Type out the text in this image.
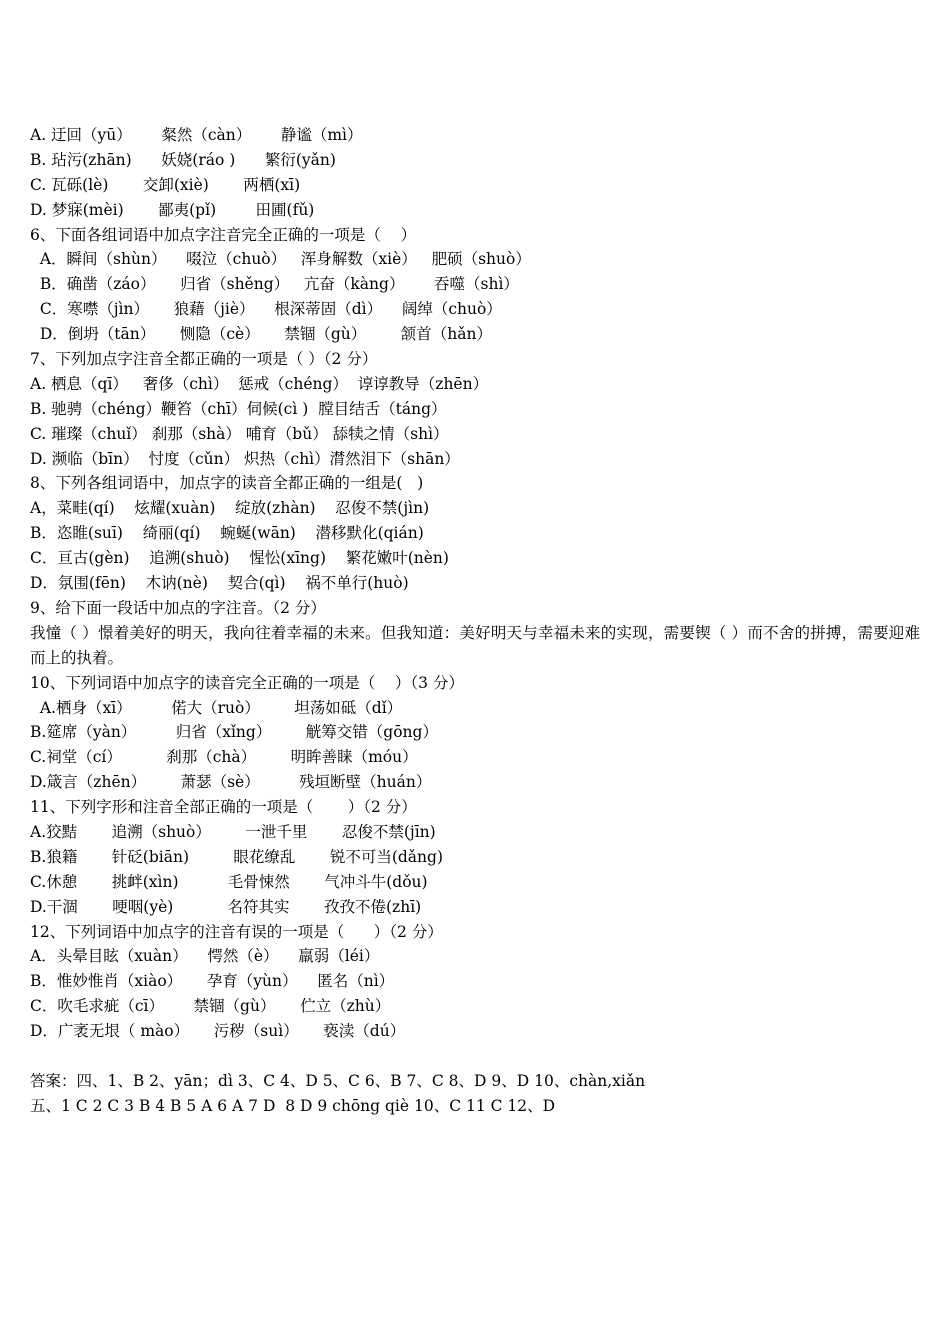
A. 迂回（yū）      粲然（càn）      静谧（mì）
B. 玷污(zhān)      妖娆(ráo )      繁衍(yǎn)
C. 瓦砾(lè)       交卸(xiè)       两栖(xī)
D. 梦寐(mèi)       鄙夷(pǐ)        田圃(fǔ)
6、下面各组词语中加点字注音完全正确的一项是（    ）
A．瞬间（shùn）    啜泣（chuò）   浑身解数（xiè）   肥硕（shuò）
B．确凿（záo）     归省（shěng）   亢奋（kàng）      吞噬（shì）
C．寒噤（jìn）     狼藉（jiè）    根深蒂固（dì）    阔绰（chuò）
D．倒坍（tān）     恻隐（cè）     禁锢（gù）       颔首（hǎn）
7、下列加点字注音全都正确的一项是（ ）（2 分）
A. 栖息（qī）   奢侈（chì）  惩戒（chéng）  谆谆教导（zhēn）
B. 驰骋（chéng）鞭笞（chī）伺候(cì )  膛目结舌（táng）
C. 璀璨（chuǐ） 刹那（shà） 哺育（bǔ） 舔犊之情（shì）
D. 濒临（bīn）  忖度（cǔn） 炽热（chì）潸然泪下（shān）
8、下列各组词语中，加点字的读音全都正确的一组是(   )
A，菜畦(qí)    炫耀(xuàn)    绽放(zhàn)    忍俊不禁(jìn)
B．恣睢(suī)    绮丽(qí)    蜿蜒(wān)    潜移默化(qián)
C．亘古(gèn)    追溯(shuò)    惺忪(xīng)    繁花嫩叶(nèn)
D．氛围(fēn)    木讷(nè)    契合(qì)    祸不单行(huò)
9、给下面一段话中加点的字注音。（2 分）
我憧（ ）憬着美好的明天，我向往着幸福的未来。但我知道：美好明天与幸福未来的实现，需要锲（ ）而不舍的拼搏，需要迎难而上的执着。
10、下列词语中加点字的读音完全正确的一项是（    ）（3 分）
A.栖身（xī）        偌大（ruò）       坦荡如砥（dǐ）
B.筵席（yàn）        归省（xǐng）       觥筹交错（gōng）
C.祠堂（cí）         刹那（chà）       明眸善睐（móu）
D.箴言（zhēn）       萧瑟（sè）        残垣断壁（huán）
11、下列字形和注音全部正确的一项是（       ）（2 分）
A.狡黠       追溯（shuò）       一泄千里       忍俊不禁(jīn)
B.狼籍       针砭(biān)         眼花缭乱       锐不可当(dǎng)
C.休憩       挑衅(xìn)          毛骨悚然       气冲斗牛(dǒu)
D.干涸       哽咽(yè)           名符其实       孜孜不倦(zhī)
12、下列词语中加点字的注音有误的一项是（      ）（2 分）
A．头晕目眩（xuàn）    愕然（è）    羸弱（léi）
B．惟妙惟肖（xiào）     孕育（yùn）    匿名（nì）
C．吹毛求疵（cī）      禁锢（gù）     伫立（zhù）
D．广袤无垠（ mào）     污秽（suì）     亵渎（dú）
答案：四、1、B 2、yān；dì 3、C 4、D 5、C 6、B 7、C 8、D 9、D 10、chàn,xiǎn
五、1 C 2 C 3 B 4 B 5 A 6 A 7 D  8 D 9 chōng qiè 10、C 11 C 12、D
